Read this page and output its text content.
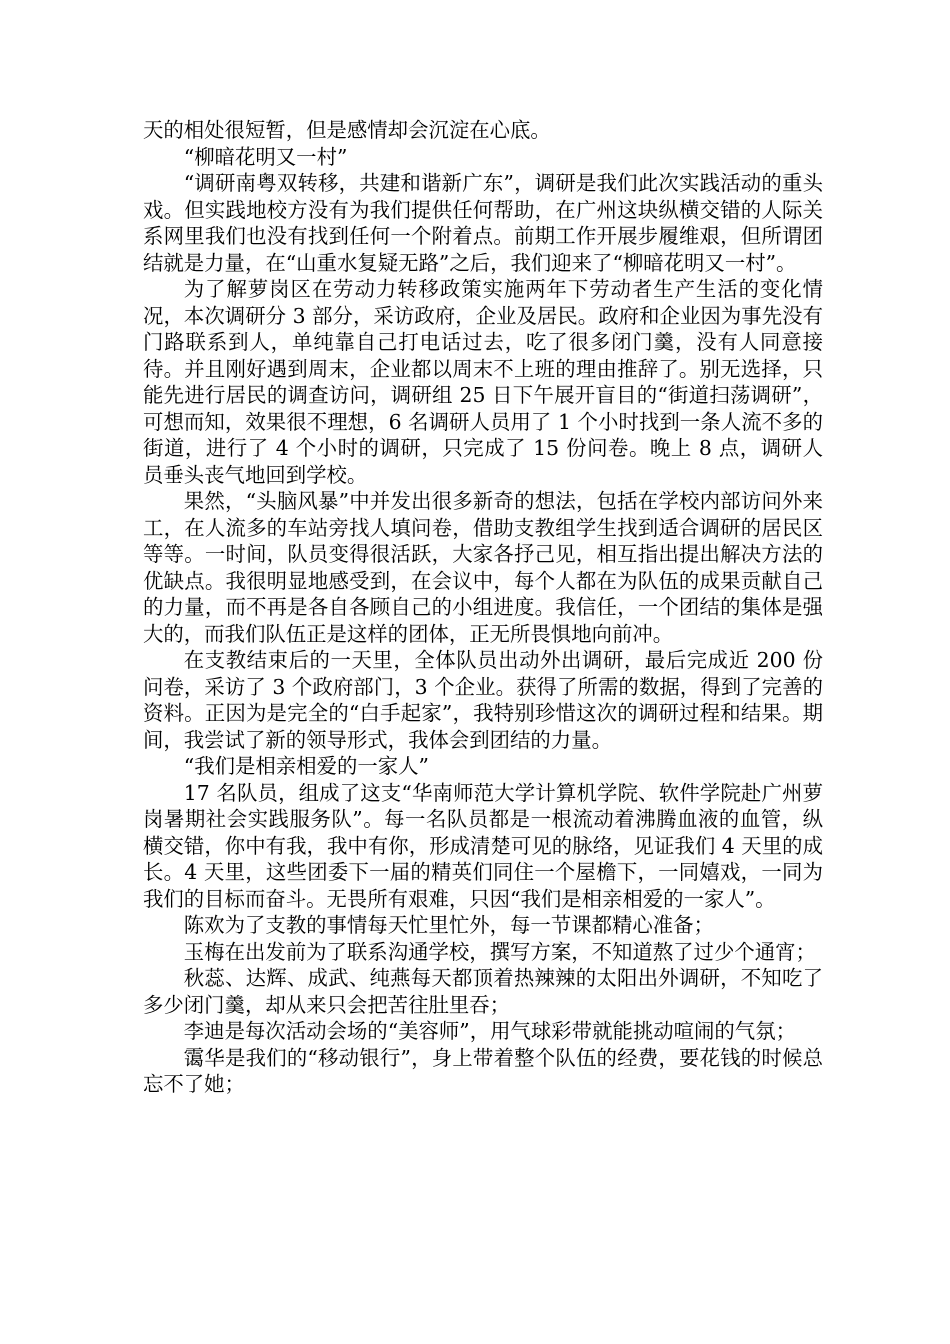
天的相处很短暂，但是感情却会沉淀在心底。

“柳暗花明又一村”

“调研南粤双转移，共建和谐新广东”，调研是我们此次实践活动的重头戏。但实践地校方没有为我们提供任何帮助，在广州这块纵横交错的人际关系网里我们也没有找到任何一个附着点。前期工作开展步履维艰，但所谓团结就是力量，在“山重水复疑无路”之后，我们迎来了“柳暗花明又一村”。

为了解萝岗区在劳动力转移政策实施两年下劳动者生产生活的变化情况，本次调研分 3 部分，采访政府，企业及居民。政府和企业因为事先没有门路联系到人，单纯靠自己打电话过去，吃了很多闭门羹，没有人同意接待。并且刚好遇到周末，企业都以周末不上班的理由推辞了。别无选择，只能先进行居民的调查访问，调研组 25 日下午展开盲目的“街道扫荡调研”，可想而知，效果很不理想，6 名调研人员用了 1 个小时找到一条人流不多的街道，进行了 4 个小时的调研，只完成了 15 份问卷。晚上 8 点，调研人员垂头丧气地回到学校。

果然，“头脑风暴”中并发出很多新奇的想法，包括在学校内部访问外来工，在人流多的车站旁找人填问卷，借助支教组学生找到适合调研的居民区等等。一时间，队员变得很活跃，大家各抒己见，相互指出提出解决方法的优缺点。我很明显地感受到，在会议中，每个人都在为队伍的成果贡献自己的力量，而不再是各自各顾自己的小组进度。我信任，一个团结的集体是强大的，而我们队伍正是这样的团体，正无所畏惧地向前冲。

在支教结束后的一天里，全体队员出动外出调研，最后完成近 200 份问卷，采访了 3 个政府部门，3 个企业。获得了所需的数据，得到了完善的资料。正因为是完全的“白手起家”，我特别珍惜这次的调研过程和结果。期间，我尝试了新的领导形式，我体会到团结的力量。

“我们是相亲相爱的一家人”

17 名队员，组成了这支“华南师范大学计算机学院、软件学院赴广州萝岗暑期社会实践服务队”。每一名队员都是一根流动着沸腾血液的血管，纵横交错，你中有我，我中有你，形成清楚可见的脉络，见证我们 4 天里的成长。4 天里，这些团委下一届的精英们同住一个屋檐下，一同嬉戏，一同为我们的目标而奋斗。无畏所有艰难，只因“我们是相亲相爱的一家人”。

陈欢为了支教的事情每天忙里忙外，每一节课都精心准备；

玉梅在出发前为了联系沟通学校，撰写方案，不知道熬了过少个通宵；

秋蕊、达辉、成武、纯燕每天都顶着热辣辣的太阳出外调研，不知吃了多少闭门羹，却从来只会把苦往肚里吞；

李迪是每次活动会场的“美容师”，用气球彩带就能挑动喧闹的气氛；

霭华是我们的“移动银行”，身上带着整个队伍的经费，要花钱的时候总忘不了她；
